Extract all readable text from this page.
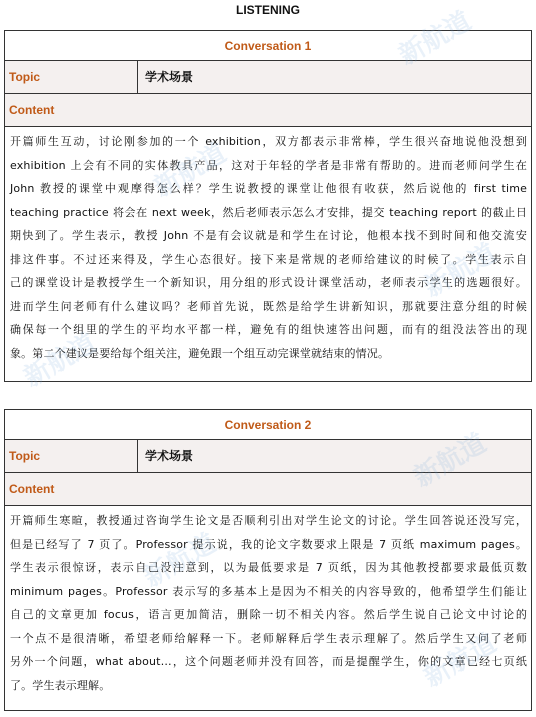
LISTENING
Conversation 1
Topic	学术场景
Content
开篇师生互动，讨论刚参加的一个 exhibition，双方都表示非常棒，学生很兴奋地说他没想到
exhibition 上会有不同的实体教具产品，这对于年轻的学者是非常有帮助的。进而老师问学生在
John 教授的课堂中观摩得怎么样？学生说教授的课堂让他很有收获，然后说他的 first time
teaching practice 将会在 next week，然后老师表示怎么才安排，提交 teaching report 的截止日
期快到了。学生表示，教授 John 不是有会议就是和学生在讨论，他根本找不到时间和他交流安
排这件事。不过还来得及，学生心态很好。接下来是常规的老师给建议的时候了。学生表示自
己的课堂设计是教授学生一个新知识，用分组的形式设计课堂活动，老师表示学生的选题很好。
进而学生问老师有什么建议吗？老师首先说，既然是给学生讲新知识，那就要注意分组的时候
确保每一个组里的学生的平均水平都一样，避免有的组快速答出问题，而有的组没法答出的现
象。第二个建议是要给每个组关注，避免跟一个组互动完课堂就结束的情况。
Conversation 2
Topic	学术场景
Content
开篇师生寒暄，教授通过咨询学生论文是否顺利引出对学生论文的讨论。学生回答说还没写完，
但是已经写了 7 页了。Professor 提示说，我的论文字数要求上限是 7 页纸 maximum pages。
学生表示很惊讶，表示自己没注意到，以为最低要求是 7 页纸，因为其他教授都要求最低页数
minimum pages。Professor 表示写的多基本上是因为不相关的内容导致的，他希望学生们能让
自己的文章更加 focus，语言更加简洁，删除一切不相关内容。然后学生说自己论文中讨论的
一个点不是很清晰，希望老师给解释一下。老师解释后学生表示理解了。然后学生又问了老师
另外一个问题，what about…，这个问题老师并没有回答，而是提醒学生，你的文章已经七页纸
了。学生表示理解。
新航道
新航道
新航道
新航道
新航道
新航道
